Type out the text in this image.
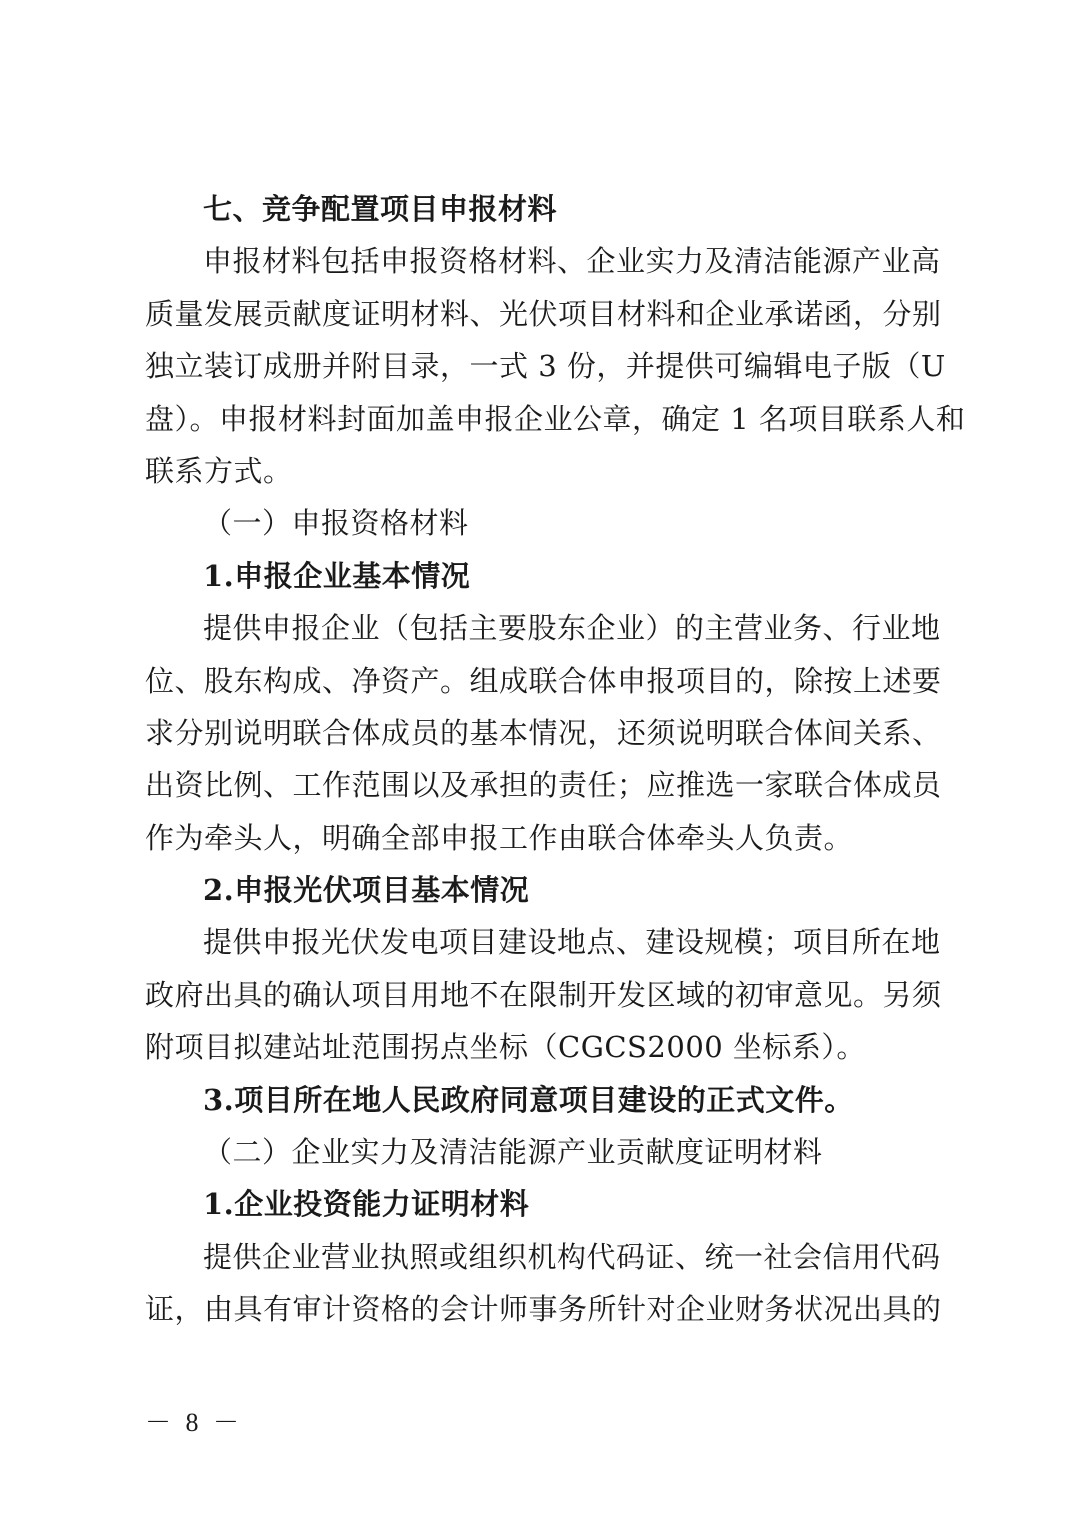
七、竞争配置项目申报材料
申报材料包括申报资格材料、企业实力及清洁能源产业高
质量发展贡献度证明材料、光伏项目材料和企业承诺函，分别
独立装订成册并附目录，一式 3 份，并提供可编辑电子版（U
盘）。申报材料封面加盖申报企业公章，确定 1 名项目联系人和
联系方式。
（一）申报资格材料
1.申报企业基本情况
提供申报企业（包括主要股东企业）的主营业务、行业地
位、股东构成、净资产。组成联合体申报项目的，除按上述要
求分别说明联合体成员的基本情况，还须说明联合体间关系、
出资比例、工作范围以及承担的责任；应推选一家联合体成员
作为牵头人，明确全部申报工作由联合体牵头人负责。
2.申报光伏项目基本情况
提供申报光伏发电项目建设地点、建设规模；项目所在地
政府出具的确认项目用地不在限制开发区域的初审意见。另须
附项目拟建站址范围拐点坐标（CGCS2000 坐标系）。
3.项目所在地人民政府同意项目建设的正式文件。
（二）企业实力及清洁能源产业贡献度证明材料
1.企业投资能力证明材料
提供企业营业执照或组织机构代码证、统一社会信用代码
证，由具有审计资格的会计师事务所针对企业财务状况出具的
－ 8 －
